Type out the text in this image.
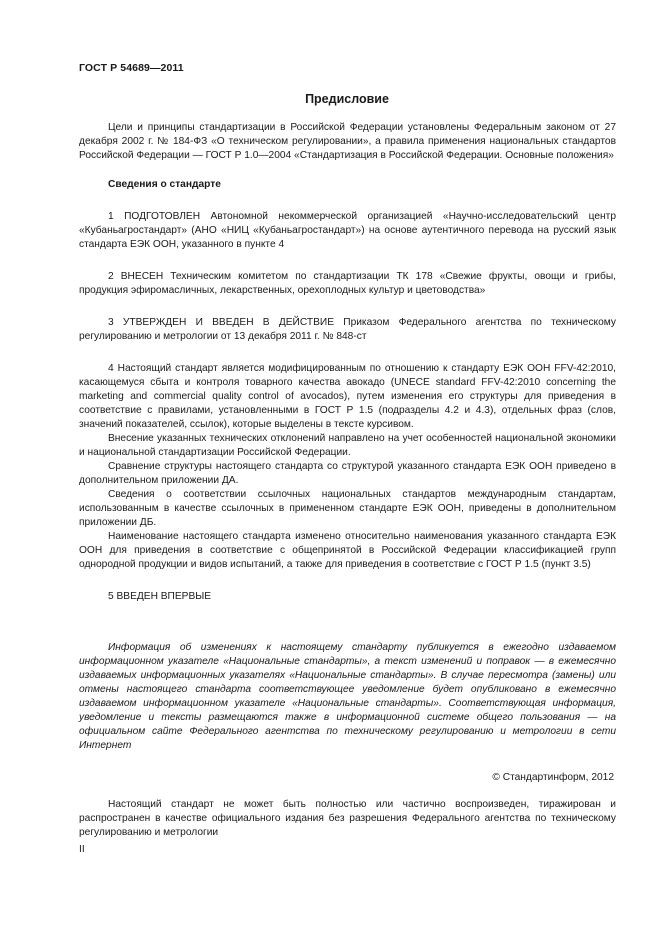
ГОСТ Р 54689—2011
Предисловие

Цели и принципы стандартизации в Российской Федерации установлены Федеральным законом от 27 декабря 2002 г. № 184-ФЗ «О техническом регулировании», а правила применения национальных стандартов Российской Федерации — ГОСТ Р 1.0—2004 «Стандартизация в Российской Федерации. Основные положения»

Сведения о стандарте

1 ПОДГОТОВЛЕН Автономной некоммерческой организацией «Научно-исследовательский центр «Кубаньагростандарт» (АНО «НИЦ «Кубаньагростандарт») на основе аутентичного перевода на русский язык стандарта ЕЭК ООН, указанного в пункте 4

2 ВНЕСЕН Техническим комитетом по стандартизации ТК 178 «Свежие фрукты, овощи и грибы, продукция эфиромасличных, лекарственных, орехоплодных культур и цветоводства»

3 УТВЕРЖДЕН И ВВЕДЕН В ДЕЙСТВИЕ Приказом Федерального агентства по техническому регулированию и метрологии от 13 декабря 2011 г. № 848-ст

4 Настоящий стандарт является модифицированным по отношению к стандарту ЕЭК ООН FFV-42:2010, касающемуся сбыта и контроля товарного качества авокадо (UNECE standard FFV-42:2010 concerning the marketing and commercial quality control of avocados), путем изменения его структуры для приведения в соответствие с правилами, установленными в ГОСТ Р 1.5 (подразделы 4.2 и 4.3), отдельных фраз (слов, значений показателей, ссылок), которые выделены в тексте курсивом.

Внесение указанных технических отклонений направлено на учет особенностей национальной экономики и национальной стандартизации Российской Федерации.

Сравнение структуры настоящего стандарта со структурой указанного стандарта ЕЭК ООН приведено в дополнительном приложении ДА.

Сведения о соответствии ссылочных национальных стандартов международным стандартам, использованным в качестве ссылочных в примененном стандарте ЕЭК ООН, приведены в дополнительном приложении ДБ.

Наименование настоящего стандарта изменено относительно наименования указанного стандарта ЕЭК ООН для приведения в соответствие с общепринятой в Российской Федерации классификацией групп однородной продукции и видов испытаний, а также для приведения в соответствие с ГОСТ Р 1.5 (пункт 3.5)

5 ВВЕДЕН ВПЕРВЫЕ

Информация об изменениях к настоящему стандарту публикуется в ежегодно издаваемом информационном указателе «Национальные стандарты», а текст изменений и поправок — в ежемесячно издаваемых информационных указателях «Национальные стандарты». В случае пересмотра (замены) или отмены настоящего стандарта соответствующее уведомление будет опубликовано в ежемесячно издаваемом информационном указателе «Национальные стандарты». Соответствующая информация, уведомление и тексты размещаются также в информационной системе общего пользования — на официальном сайте Федерального агентства по техническому регулированию и метрологии в сети Интернет

© Стандартинформ, 2012

Настоящий стандарт не может быть полностью или частично воспроизведен, тиражирован и распространен в качестве официального издания без разрешения Федерального агентства по техническому регулированию и метрологии

II
